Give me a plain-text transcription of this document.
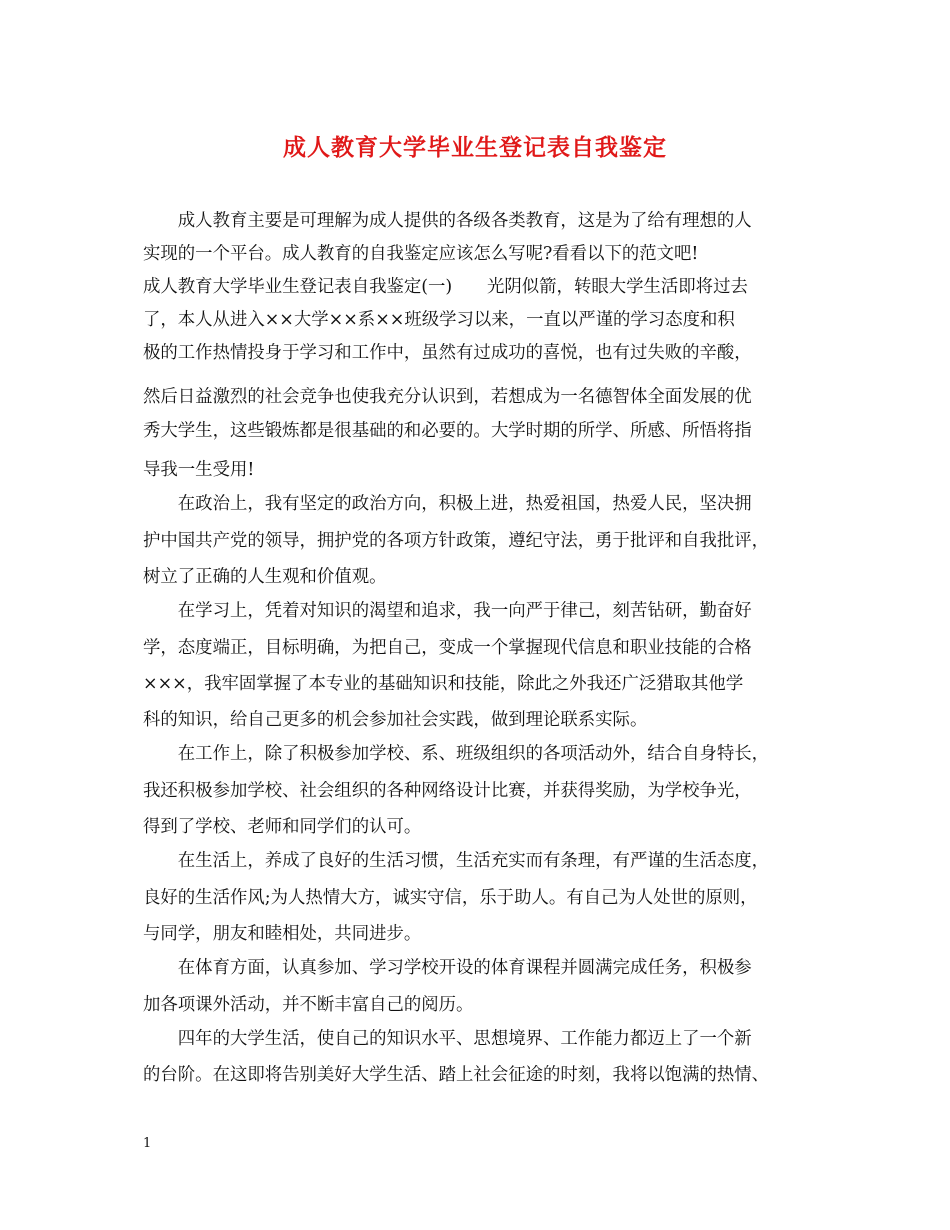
成人教育大学毕业生登记表自我鉴定
　　成人教育主要是可理解为成人提供的各级各类教育，这是为了给有理想的人
实现的一个平台。成人教育的自我鉴定应该怎么写呢?看看以下的范文吧!
成人教育大学毕业生登记表自我鉴定(一)　　光阴似箭，转眼大学生活即将过去
了，本人从进入××大学××系××班级学习以来，一直以严谨的学习态度和积
极的工作热情投身于学习和工作中，虽然有过成功的喜悦，也有过失败的辛酸，
然后日益激烈的社会竞争也使我充分认识到，若想成为一名德智体全面发展的优
秀大学生，这些锻炼都是很基础的和必要的。大学时期的所学、所感、所悟将指
导我一生受用!
　　在政治上，我有坚定的政治方向，积极上进，热爱祖国，热爱人民，坚决拥
护中国共产党的领导，拥护党的各项方针政策，遵纪守法，勇于批评和自我批评，
树立了正确的人生观和价值观。
　　在学习上，凭着对知识的渴望和追求，我一向严于律己，刻苦钻研，勤奋好
学，态度端正，目标明确，为把自己，变成一个掌握现代信息和职业技能的合格
×××，我牢固掌握了本专业的基础知识和技能，除此之外我还广泛猎取其他学
科的知识，给自己更多的机会参加社会实践，做到理论联系实际。
　　在工作上，除了积极参加学校、系、班级组织的各项活动外，结合自身特长，
我还积极参加学校、社会组织的各种网络设计比赛，并获得奖励，为学校争光，
得到了学校、老师和同学们的认可。
　　在生活上，养成了良好的生活习惯，生活充实而有条理，有严谨的生活态度，
良好的生活作风;为人热情大方，诚实守信，乐于助人。有自己为人处世的原则，
与同学，朋友和睦相处，共同进步。
　　在体育方面，认真参加、学习学校开设的体育课程并圆满完成任务，积极参
加各项课外活动，并不断丰富自己的阅历。
　　四年的大学生活，使自己的知识水平、思想境界、工作能力都迈上了一个新
的台阶。在这即将告别美好大学生活、踏上社会征途的时刻，我将以饱满的热情、
1
